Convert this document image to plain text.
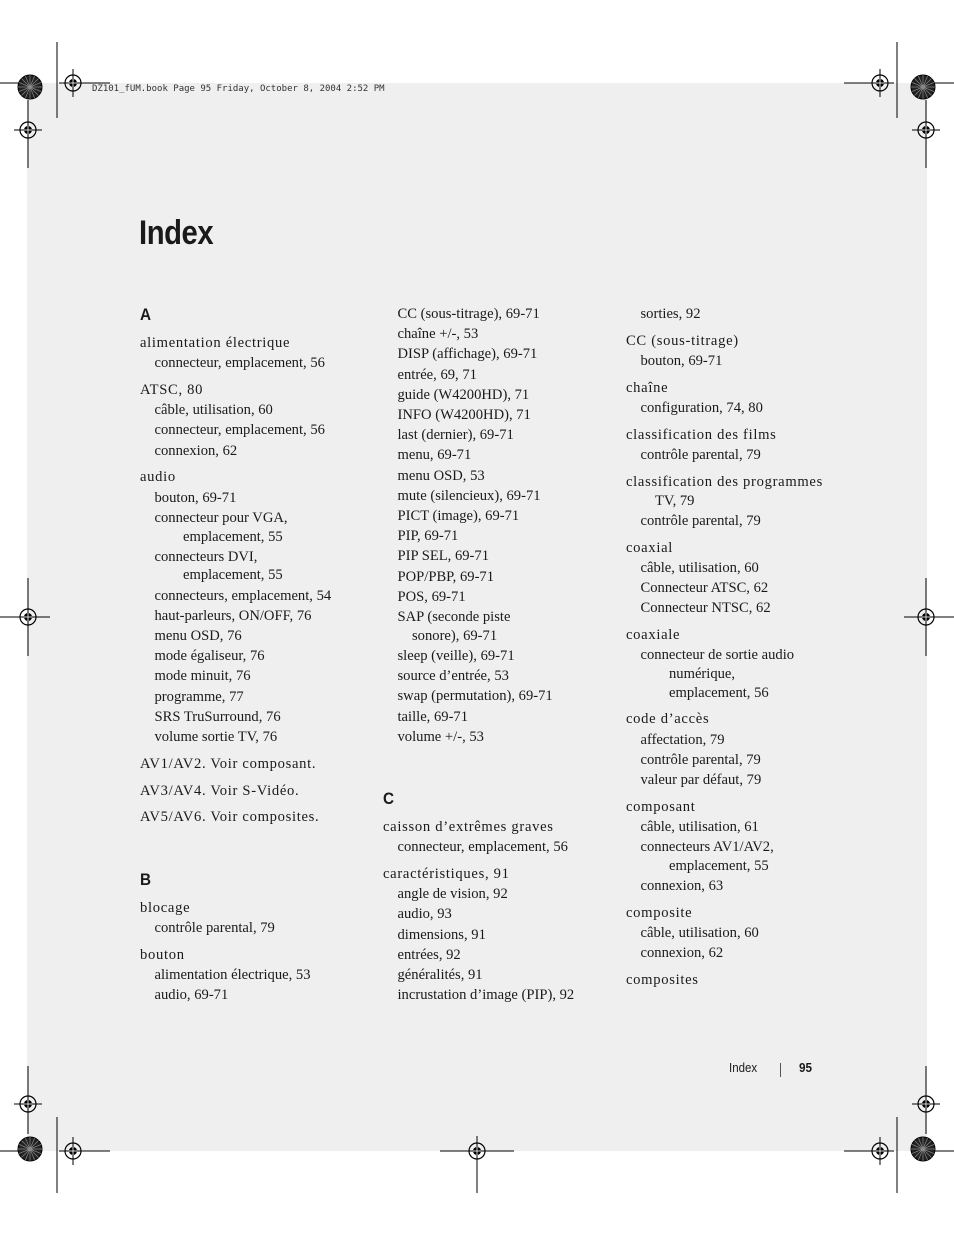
DZ101_fUM.book Page 95 Friday, October 8, 2004 2:52 PM

Index
A
alimentation électrique
connecteur, emplacement, 56
ATSC, 80
câble, utilisation, 60
connecteur, emplacement, 56
connexion, 62
audio
bouton, 69-71
connecteur pour VGA,
emplacement, 55
connecteurs DVI,
emplacement, 55
connecteurs, emplacement, 54
haut-parleurs, ON/OFF, 76
menu OSD, 76
mode égaliseur, 76
mode minuit, 76
programme, 77
SRS TruSurround, 76
volume sortie TV, 76
AV1/AV2. Voir composant.
AV3/AV4. Voir S-Vidéo.
AV5/AV6. Voir composites.
B
blocage
contrôle parental, 79
bouton
alimentation électrique, 53
audio, 69-71
CC (sous-titrage), 69-71
chaîne +/-, 53
DISP (affichage), 69-71
entrée, 69, 71
guide (W4200HD), 71
INFO (W4200HD), 71
last (dernier), 69-71
menu, 69-71
menu OSD, 53
mute (silencieux), 69-71
PICT (image), 69-71
PIP, 69-71
PIP SEL, 69-71
POP/PBP, 69-71
POS, 69-71
SAP (seconde piste
sonore), 69-71
sleep (veille), 69-71
source d’entrée, 53
swap (permutation), 69-71
taille, 69-71
volume +/-, 53
C
caisson d’extrêmes graves
connecteur, emplacement, 56
caractéristiques, 91
angle de vision, 92
audio, 93
dimensions, 91
entrées, 92
généralités, 91
incrustation d’image (PIP), 92
sorties, 92
CC (sous-titrage)
bouton, 69-71
chaîne
configuration, 74, 80
classification des films
contrôle parental, 79
classification des programmes
TV, 79
contrôle parental, 79
coaxial
câble, utilisation, 60
Connecteur ATSC, 62
Connecteur NTSC, 62
coaxiale
connecteur de sortie audio
numérique,
emplacement, 56
code d’accès
affectation, 79
contrôle parental, 79
valeur par défaut, 79
composant
câble, utilisation, 61
connecteurs AV1/AV2,
emplacement, 55
connexion, 63
composite
câble, utilisation, 60
connexion, 62
composites
Index	95
